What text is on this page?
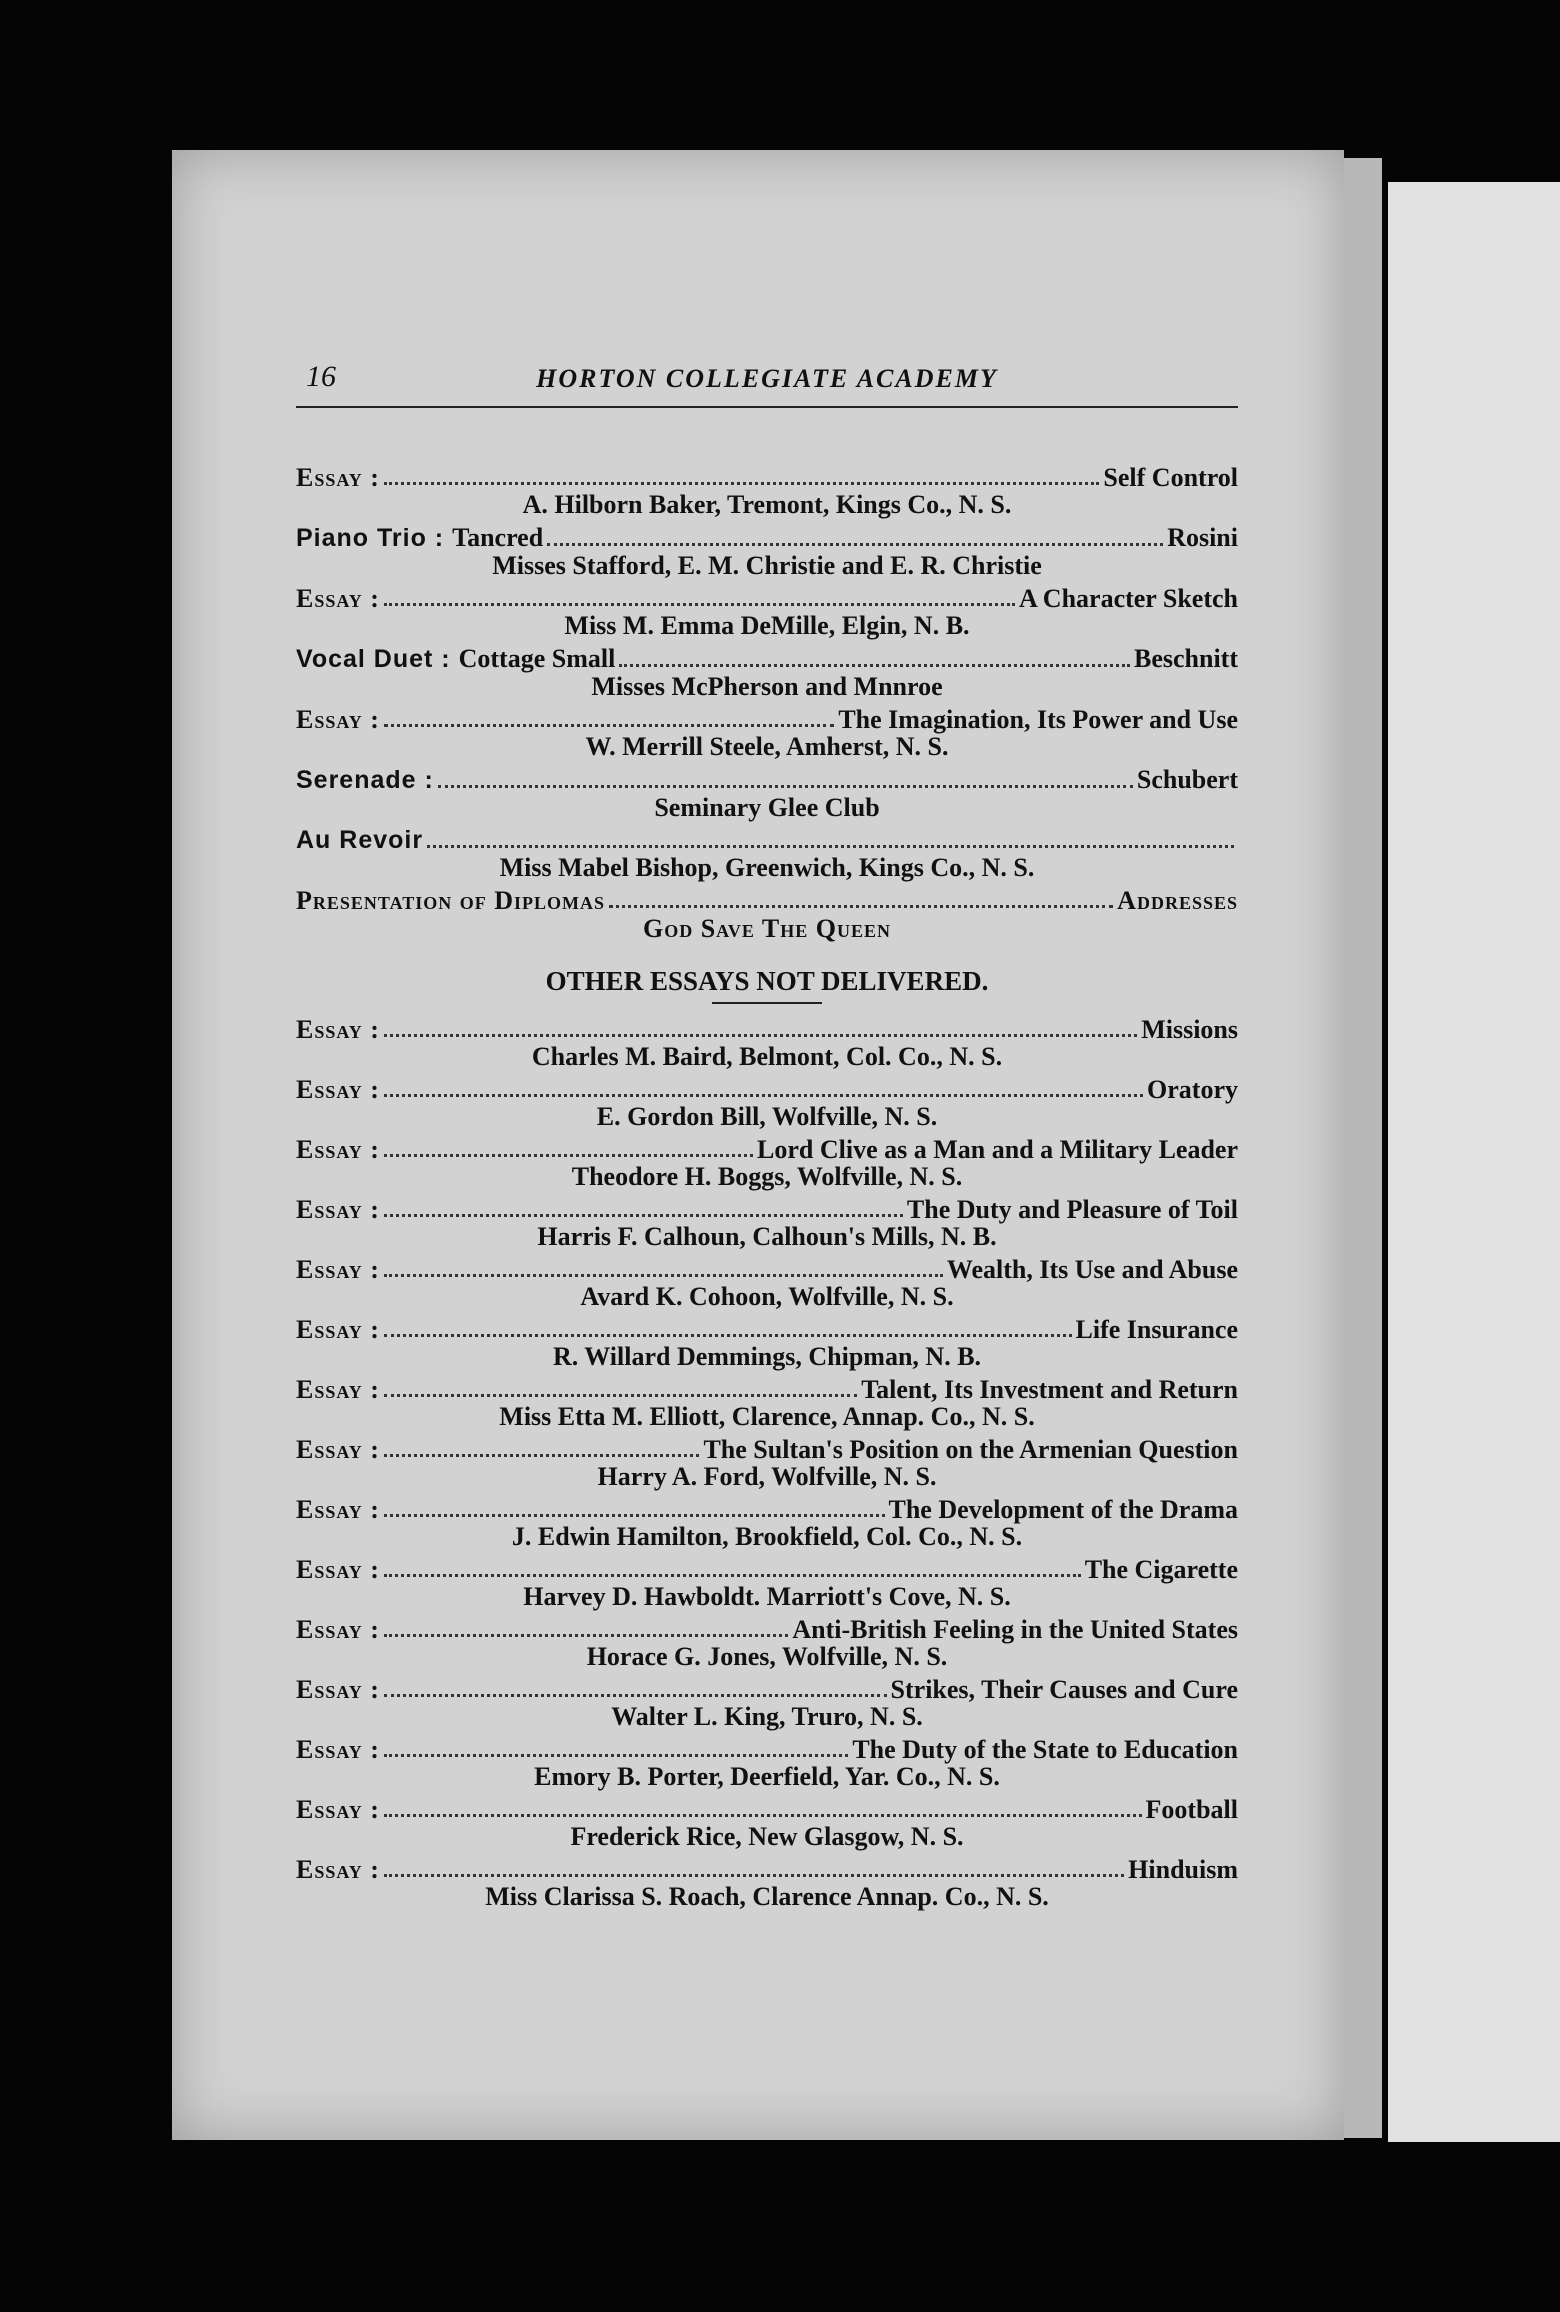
16	HORTON COLLEGIATE ACADEMY
Essay :	Self Control
A. Hilborn Baker, Tremont, Kings Co., N. S.
Piano Trio : Tancred	Rosini
Misses Stafford, E. M. Christie and E. R. Christie
Essay :	A Character Sketch
Miss M. Emma DeMille, Elgin, N. B.
Vocal Duet : Cottage Small	Beschnitt
Misses McPherson and Mnnroe
Essay :	The Imagination, Its Power and Use
W. Merrill Steele, Amherst, N. S.
Serenade :	Schubert
Seminary Glee Club
Au Revoir
Miss Mabel Bishop, Greenwich, Kings Co., N. S.
Presentation of Diplomas	Addresses
God Save The Queen
OTHER ESSAYS NOT DELIVERED.
Essay :	Missions
Charles M. Baird, Belmont, Col. Co., N. S.
Essay :	Oratory
E. Gordon Bill, Wolfville, N. S.
Essay :	Lord Clive as a Man and a Military Leader
Theodore H. Boggs, Wolfville, N. S.
Essay :	The Duty and Pleasure of Toil
Harris F. Calhoun, Calhoun's Mills, N. B.
Essay :	Wealth, Its Use and Abuse
Avard K. Cohoon, Wolfville, N. S.
Essay :	Life Insurance
R. Willard Demmings, Chipman, N. B.
Essay :	Talent, Its Investment and Return
Miss Etta M. Elliott, Clarence, Annap. Co., N. S.
Essay :	The Sultan's Position on the Armenian Question
Harry A. Ford, Wolfville, N. S.
Essay :	The Development of the Drama
J. Edwin Hamilton, Brookfield, Col. Co., N. S.
Essay :	The Cigarette
Harvey D. Hawboldt. Marriott's Cove, N. S.
Essay :	Anti-British Feeling in the United States
Horace G. Jones, Wolfville, N. S.
Essay :	Strikes, Their Causes and Cure
Walter L. King, Truro, N. S.
Essay :	The Duty of the State to Education
Emory B. Porter, Deerfield, Yar. Co., N. S.
Essay :	Football
Frederick Rice, New Glasgow, N. S.
Essay :	Hinduism
Miss Clarissa S. Roach, Clarence Annap. Co., N. S.
